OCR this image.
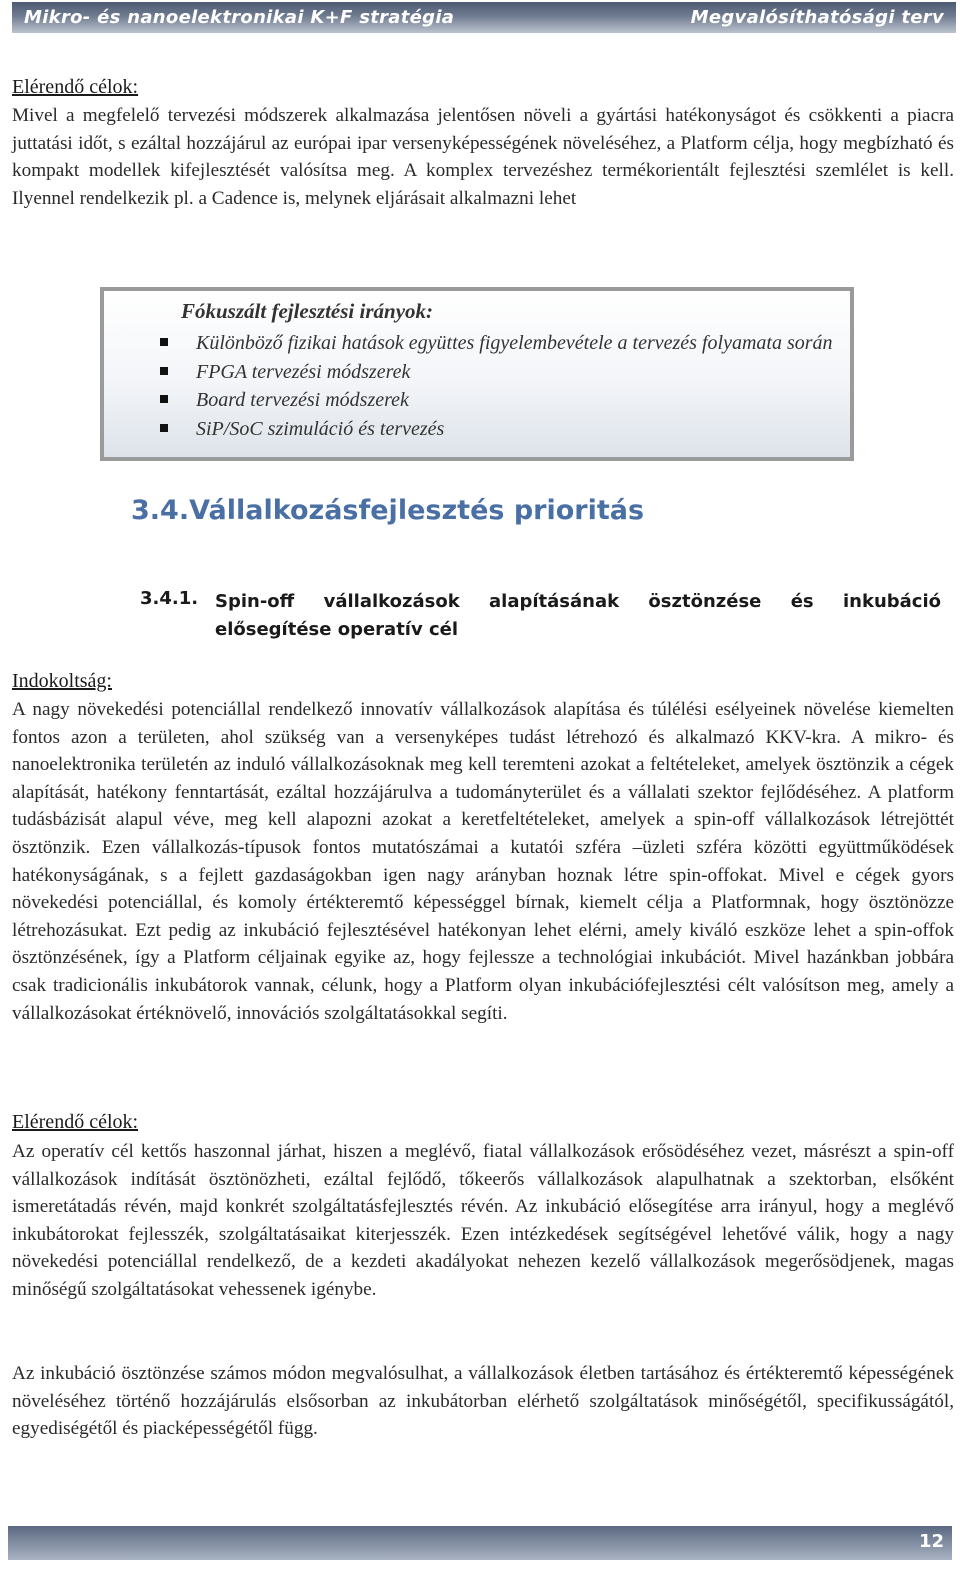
Mikro- és nanoelektronikai K+F stratégia	Megvalósíthatósági terv

Elérendő célok:

Mivel a megfelelő tervezési módszerek alkalmazása jelentősen növeli a gyártási hatékonyságot és csökkenti a piacra juttatási időt, s ezáltal hozzájárul az európai ipar versenyképességének növeléséhez, a Platform célja, hogy megbízható és kompakt modellek kifejlesztését valósítsa meg. A komplex tervezéshez termékorientált fejlesztési szemlélet is kell. Ilyennel rendelkezik pl. a Cadence is, melynek eljárásait alkalmazni lehet

Fókuszált fejlesztési irányok:
Különböző fizikai hatások együttes figyelembevétele a tervezés folyamata során
FPGA tervezési módszerek
Board tervezési módszerek
SiP/SoC szimuláció és tervezés
3.4.Vállalkozásfejlesztés prioritás
3.4.1. Spin-off vállalkozások alapításának ösztönzése és inkubáció elősegítése operatív cél

Indokoltság:

A nagy növekedési potenciállal rendelkező innovatív vállalkozások alapítása és túlélési esélyeinek növelése kiemelten fontos azon a területen, ahol szükség van a versenyképes tudást létrehozó és alkalmazó KKV-kra. A mikro- és nanoelektronika területén az induló vállalkozásoknak meg kell teremteni azokat a feltételeket, amelyek ösztönzik a cégek alapítását, hatékony fenntartását, ezáltal hozzájárulva a tudományterület és a vállalati szektor fejlődéséhez. A platform tudásbázisát alapul véve, meg kell alapozni azokat a keretfeltételeket, amelyek a spin-off vállalkozások létrejöttét ösztönzik. Ezen vállalkozás-típusok fontos mutatószámai a kutatói szféra –üzleti szféra közötti együttműködések hatékonyságának, s a fejlett gazdaságokban igen nagy arányban hoznak létre spin-offokat. Mivel e cégek gyors növekedési potenciállal, és komoly értékteremtő képességgel bírnak, kiemelt célja a Platformnak, hogy ösztönözze létrehozásukat. Ezt pedig az inkubáció fejlesztésével hatékonyan lehet elérni, amely kiváló eszköze lehet a spin-offok ösztönzésének, így a Platform céljainak egyike az, hogy fejlessze a technológiai inkubációt. Mivel hazánkban jobbára csak tradicionális inkubátorok vannak, célunk, hogy a Platform olyan inkubációfejlesztési célt valósítson meg, amely a vállalkozásokat értéknövelő, innovációs szolgáltatásokkal segíti.

Elérendő célok:

Az operatív cél kettős haszonnal járhat, hiszen a meglévő, fiatal vállalkozások erősödéséhez vezet, másrészt a spin-off vállalkozások indítását ösztönözheti, ezáltal fejlődő, tőkeerős vállalkozások alapulhatnak a szektorban, elsőként ismeretátadás révén, majd konkrét szolgáltatásfejlesztés révén. Az inkubáció elősegítése arra irányul, hogy a meglévő inkubátorokat fejlesszék, szolgáltatásaikat kiterjesszék. Ezen intézkedések segítségével lehetővé válik, hogy a nagy növekedési potenciállal rendelkező, de a kezdeti akadályokat nehezen kezelő vállalkozások megerősödjenek, magas minőségű szolgáltatásokat vehessenek igénybe.

Az inkubáció ösztönzése számos módon megvalósulhat, a vállalkozások életben tartásához és értékteremtő képességének növeléséhez történő hozzájárulás elsősorban az inkubátorban elérhető szolgáltatások minőségétől, specifikusságától, egyediségétől és piacképességétől függ.

12
